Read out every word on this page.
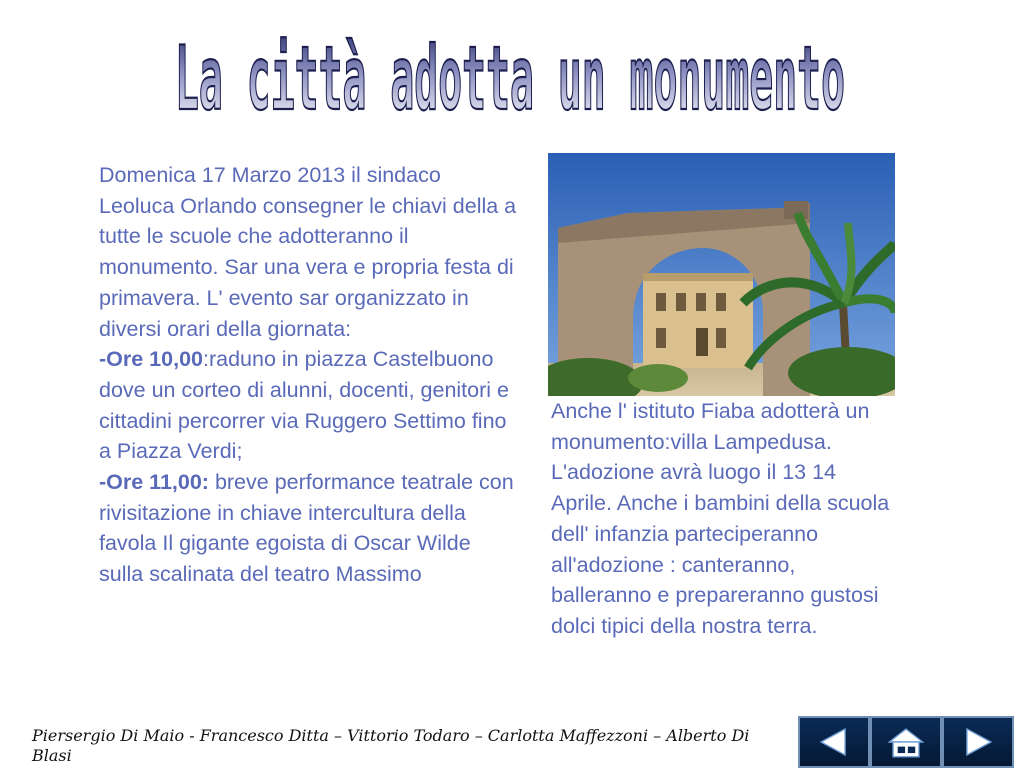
La città adotta un monumento

Domenica 17 Marzo 2013 il sindaco Leoluca Orlando consegner le chiavi della a tutte le scuole che adotteranno il monumento. Sar una vera e propria festa di primavera. L' evento sar organizzato in diversi orari della giornata:

-Ore 10,00:raduno in piazza Castelbuono dove un corteo di alunni, docenti, genitori e cittadini percorrer via Ruggero Settimo fino a Piazza Verdi;

-Ore 11,00: breve performance teatrale con rivisitazione in chiave intercultura della favola Il gigante egoista di Oscar Wilde sulla scalinata del teatro Massimo

Anche l' istituto Fiaba adotterà un monumento:villa Lampedusa. L'adozione avrà luogo il 13 14 Aprile. Anche i bambini della scuola dell' infanzia parteciperanno all'adozione : canteranno, balleranno e prepareranno gustosi dolci tipici della nostra terra.

Piersergio Di Maio - Francesco Ditta – Vittorio Todaro – Carlotta Maffezzoni – Alberto Di Blasi
